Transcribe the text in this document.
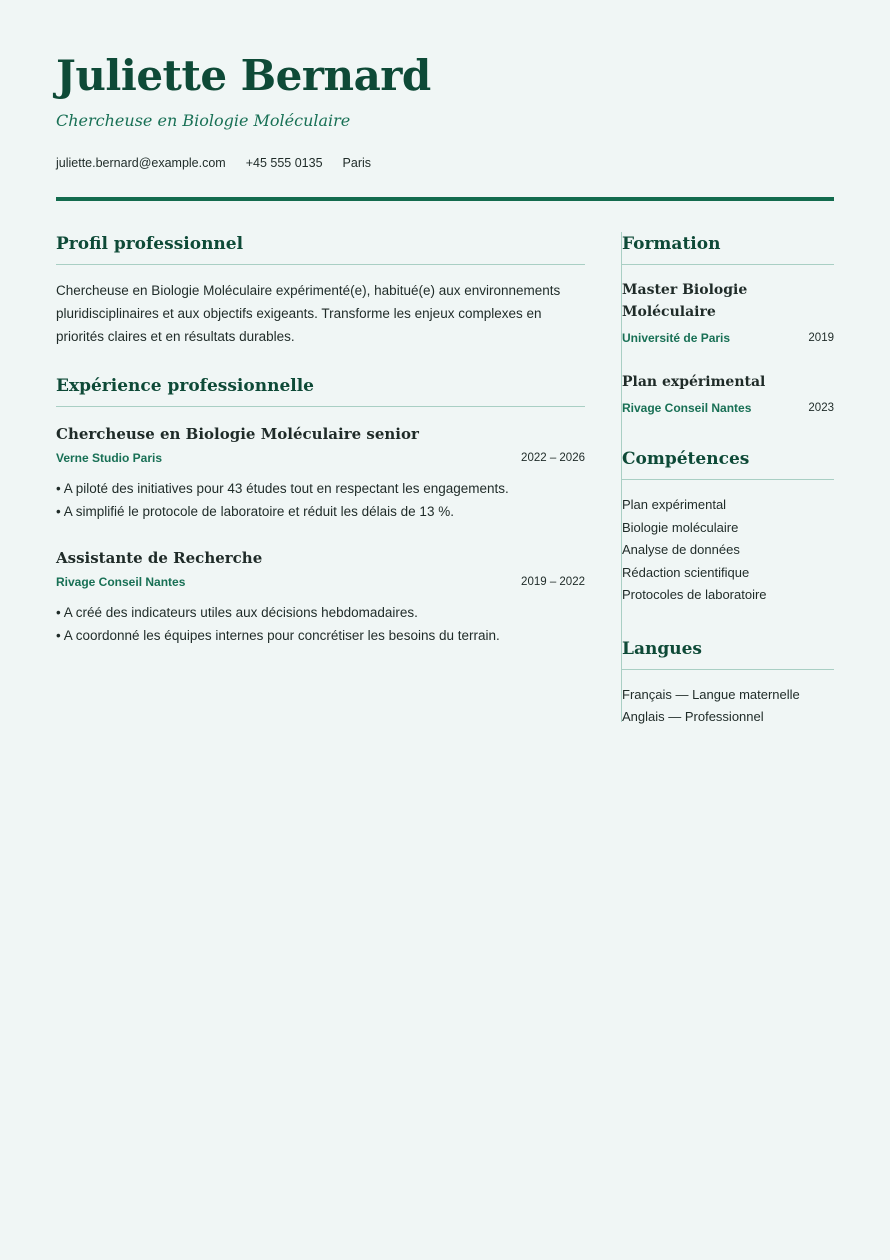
Juliette Bernard
Chercheuse en Biologie Moléculaire
juliette.bernard@example.com +45 555 0135 Paris
Profil professionnel

Chercheuse en Biologie Moléculaire expérimenté(e), habitué(e) aux environnements pluridisciplinaires et aux objectifs exigeants. Transforme les enjeux complexes en priorités claires et en résultats durables.

Expérience professionnelle
Chercheuse en Biologie Moléculaire senior
Verne Studio Paris	2022 – 2026
• A piloté des initiatives pour 43 études tout en respectant les engagements.
• A simplifié le protocole de laboratoire et réduit les délais de 13 %.
Assistante de Recherche
Rivage Conseil Nantes	2019 – 2022
• A créé des indicateurs utiles aux décisions hebdomadaires.
• A coordonné les équipes internes pour concrétiser les besoins du terrain.
Formation
Master Biologie Moléculaire
Université de Paris	2019
Plan expérimental
Rivage Conseil Nantes	2023
Compétences
Plan expérimental
Biologie moléculaire
Analyse de données
Rédaction scientifique
Protocoles de laboratoire
Langues
Français — Langue maternelle
Anglais — Professionnel
